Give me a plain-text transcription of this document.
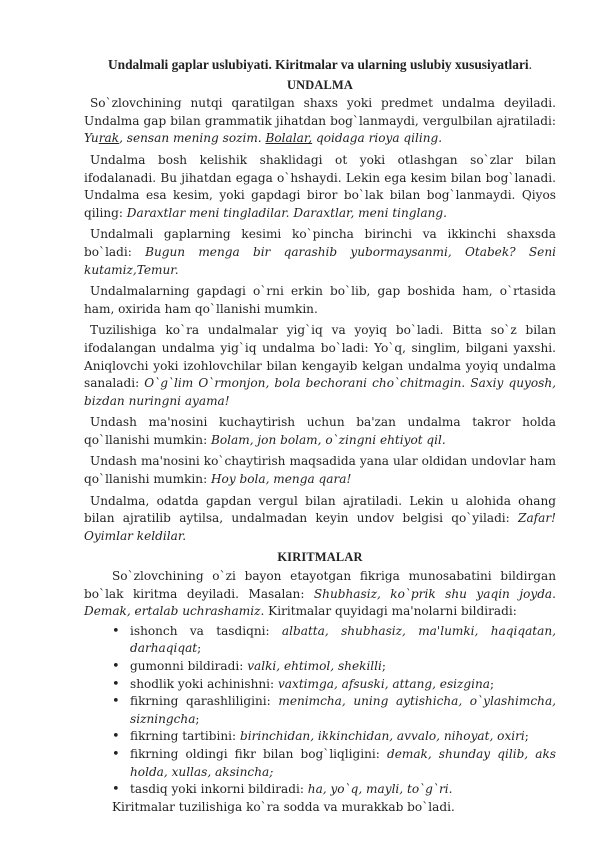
Undalmali gaplar uslubiyati. Kiritmalar va ularning uslubiy xususiyatlari.
UNDALMA

So`zlovchining nutqi qaratilgan shaxs yoki predmet undalma deyiladi. Undalma gap bilan grammatik jihatdan bog`lanmaydi, vergulbilan ajratiladi: Yurak, sensan mening sozim. Bolalar, qoidaga rioya qiling.

Undalma bosh kelishik shaklidagi ot yoki otlashgan so`zlar bilan ifodalanadi. Bu jihatdan egaga o`hshaydi. Lekin ega kesim bilan bog`lanadi. Undalma esa kesim, yoki gapdagi biror bo`lak bilan bog`lanmaydi. Qiyos qiling: Daraxtlar meni tingladilar. Daraxtlar, meni tinglang.

Undalmali gaplarning kesimi ko`pincha birinchi va ikkinchi shaxsda bo`ladi: Bugun menga bir qarashib yubormaysanmi, Otabek? Seni kutamiz,Temur.

Undalmalarning gapdagi o`rni erkin bo`lib, gap boshida ham, o`rtasida ham, oxirida ham qo`llanishi mumkin.

Tuzilishiga ko`ra undalmalar yig`iq va yoyiq bo`ladi. Bitta so`z bilan ifodalangan undalma yig`iq undalma bo`ladi: Yo`q, singlim, bilgani yaxshi. Aniqlovchi yoki izohlovchilar bilan kengayib kelgan undalma yoyiq undalma sanaladi: O`g`lim O`rmonjon, bola bechorani cho`chitmagin. Saxiy quyosh, bizdan nuringni ayama!

Undash ma'nosini kuchaytirish uchun ba'zan undalma takror holda qo`llanishi mumkin: Bolam, jon bolam, o`zingni ehtiyot qil.

Undash ma'nosini ko`chaytirish maqsadida yana ular oldidan undovlar ham qo`llanishi mumkin: Hoy bola, menga qara!

Undalma, odatda gapdan vergul bilan ajratiladi. Lekin u alohida ohang bilan ajratilib aytilsa, undalmadan keyin undov belgisi qo`yiladi: Zafar! Oyimlar keldilar.

KIRITMALAR

So`zlovchining o`zi bayon etayotgan fikriga munosabatini bildirgan bo`lak kiritma deyiladi. Masalan: Shubhasiz, ko`prik shu yaqin joyda. Demak, ertalab uchrashamiz. Kiritmalar quyidagi ma'nolarni bildiradi:

• ishonch va tasdiqni: albatta, shubhasiz, ma'lumki, haqiqatan, darhaqiqat;
• gumonni bildiradi: valki, ehtimol, shekilli;
• shodlik yoki achinishni: vaxtimga, afsuski, attang, esizgina;
• fikrning qarashliligini: menimcha, uning aytishicha, o`ylashimcha, sizningcha;
• fikrning tartibini: birinchidan, ikkinchidan, avvalo, nihoyat, oxiri;
• fikrning oldingi fikr bilan bog`liqligini: demak, shunday qilib, aks holda, xullas, aksincha;
• tasdiq yoki inkorni bildiradi: ha, yo`q, mayli, to`g`ri.

Kiritmalar tuzilishiga ko`ra sodda va murakkab bo`ladi.
